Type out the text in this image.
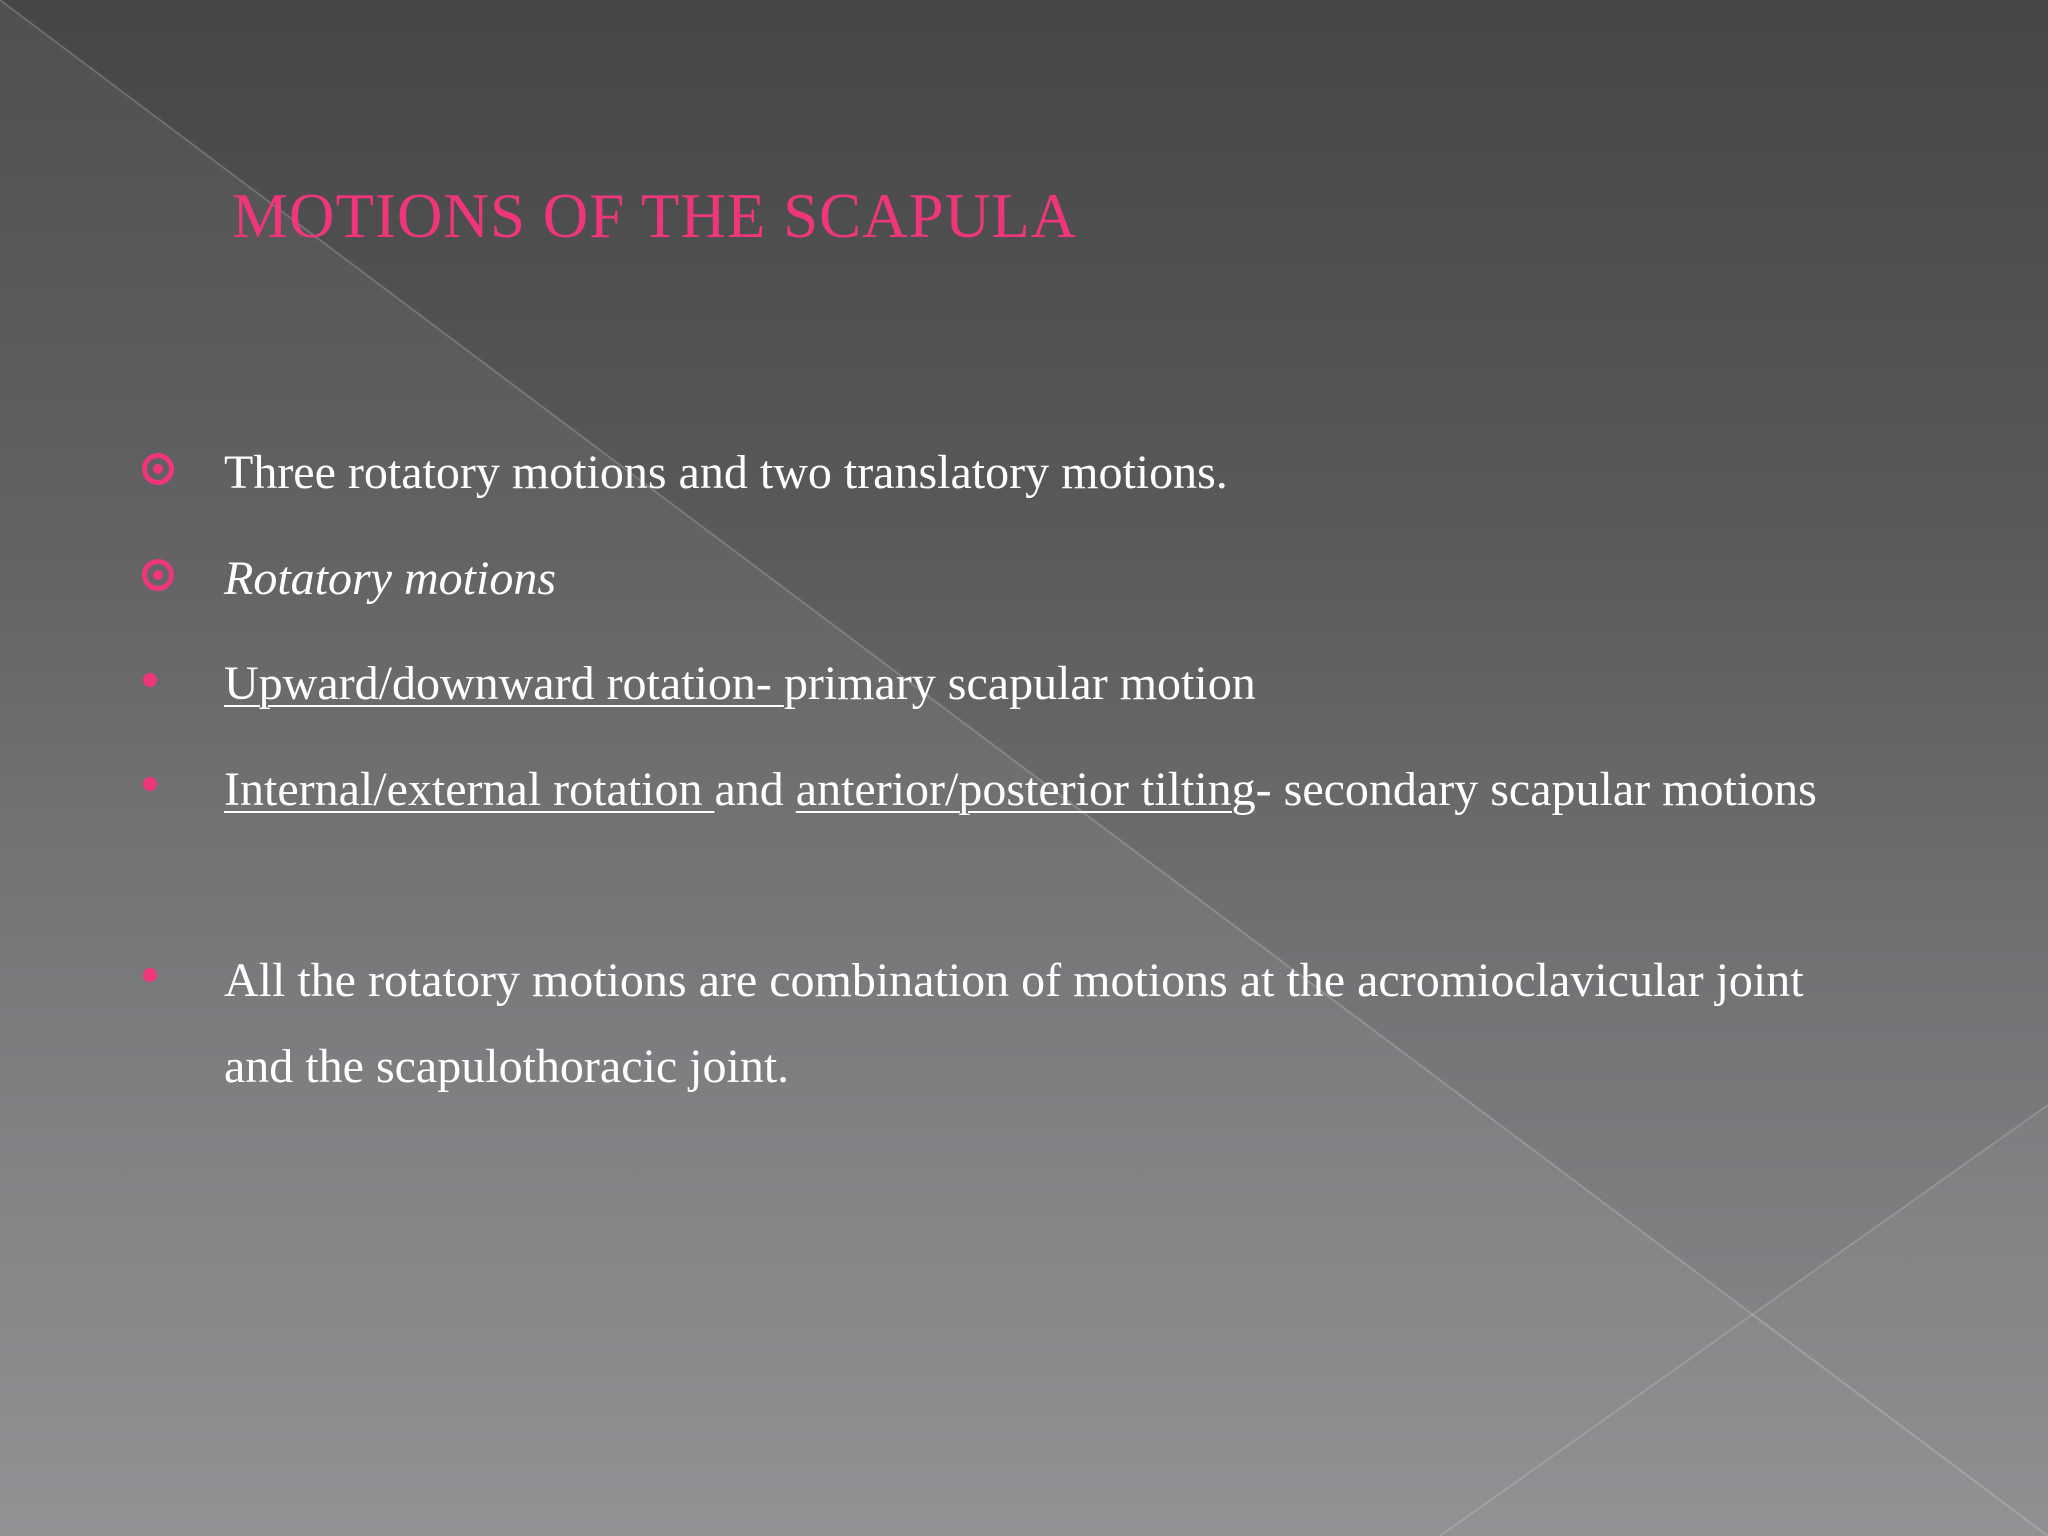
MOTIONS OF THE SCAPULA

Three rotatory motions and two translatory motions.

Rotatory motions

Upward/downward rotation- primary scapular motion

Internal/external rotation and anterior/posterior tilting- secondary scapular motions

All the rotatory motions are combination of motions at the acromioclavicular joint and the scapulothoracic joint.
